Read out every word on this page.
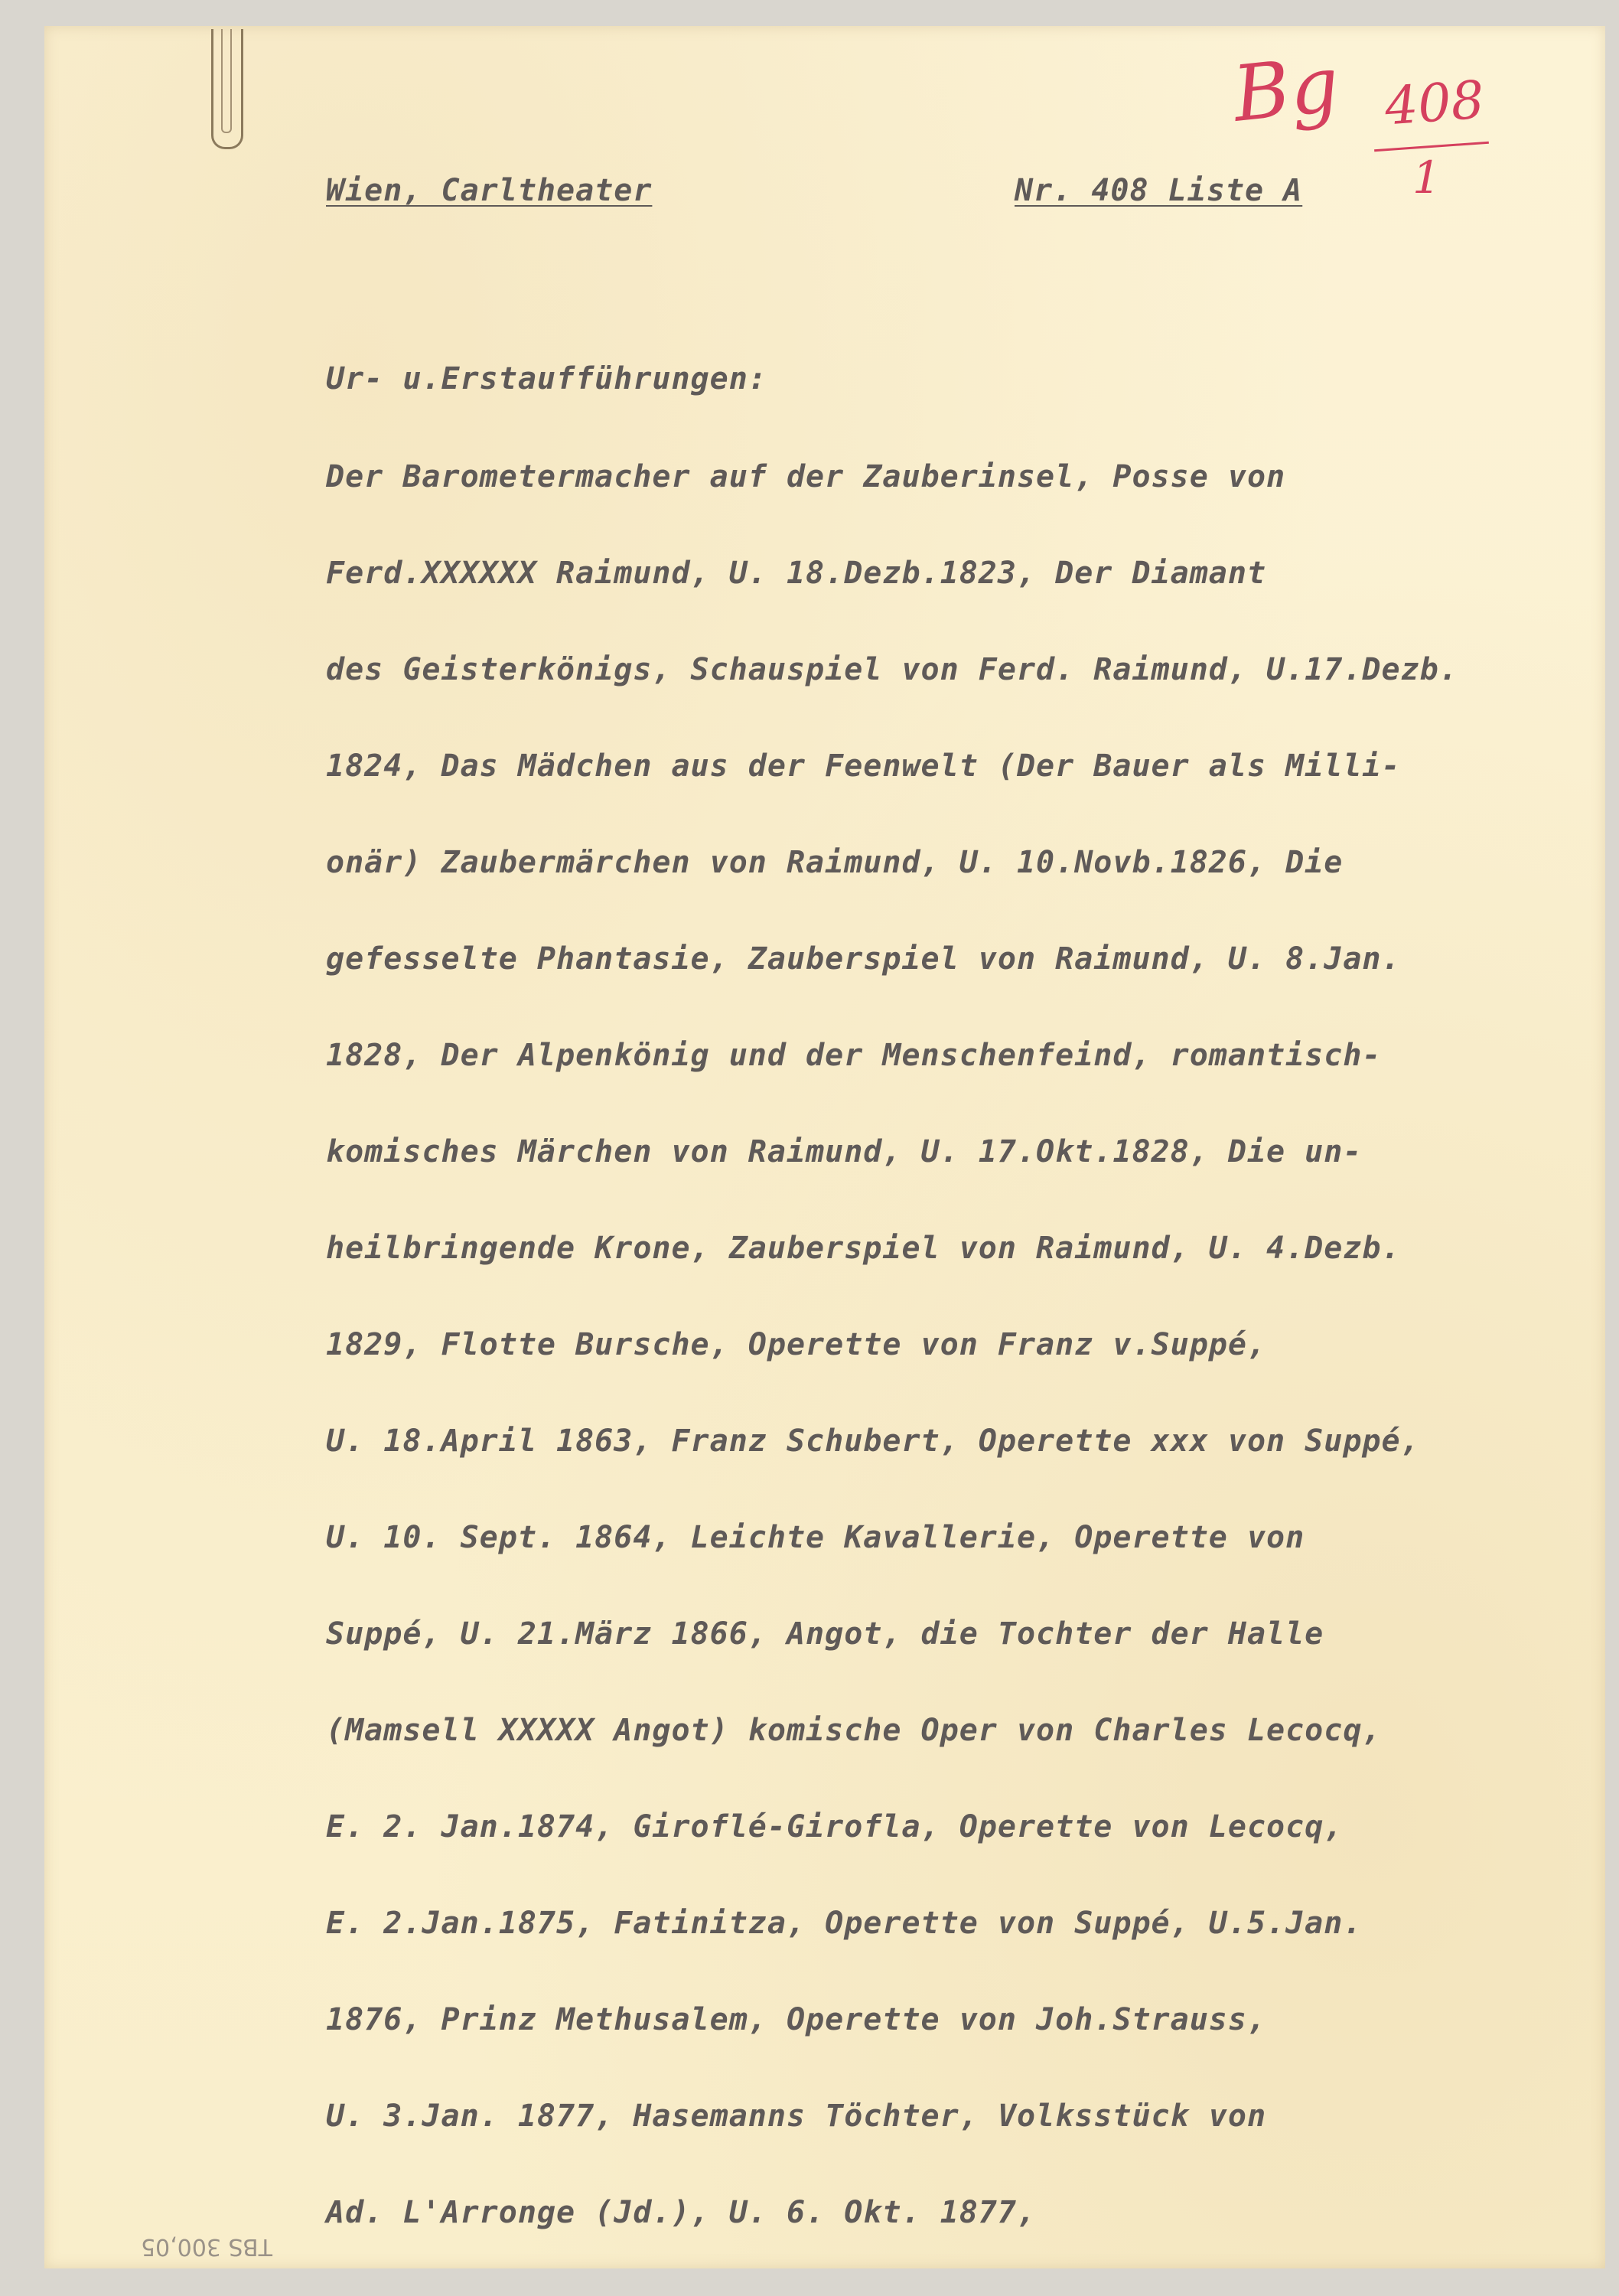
Bg 408
1
Wien, Carltheater	Nr. 408 Liste A
Ur- u.Erstaufführungen:
Der Barometermacher auf der Zauberinsel, Posse von
Ferd.XXXXXX Raimund, U. 18.Dezb.1823, Der Diamant
des Geisterkönigs, Schauspiel von Ferd. Raimund, U.17.Dezb.
1824, Das Mädchen aus der Feenwelt (Der Bauer als Milli-
onär) Zaubermärchen von Raimund, U. 10.Novb.1826, Die
gefesselte Phantasie, Zauberspiel von Raimund, U. 8.Jan.
1828, Der Alpenkönig und der Menschenfeind, romantisch-
komisches Märchen von Raimund, U. 17.Okt.1828, Die un-
heilbringende Krone, Zauberspiel von Raimund, U. 4.Dezb.
1829, Flotte Bursche, Operette von Franz v.Suppé,
U. 18.April 1863, Franz Schubert, Operette xxx von Suppé,
U. 10. Sept. 1864, Leichte Kavallerie, Operette von
Suppé, U. 21.März 1866, Angot, die Tochter der Halle
(Mamsell XXXXX Angot) komische Oper von Charles Lecocq,
E. 2. Jan.1874, Giroflé-Girofla, Operette von Lecocq,
E. 2.Jan.1875, Fatinitza, Operette von Suppé, U.5.Jan.
1876, Prinz Methusalem, Operette von Joh.Strauss,
U. 3.Jan. 1877, Hasemanns Töchter, Volksstück von
Ad. L'Arronge (Jd.), U. 6. Okt. 1877,
TBS 300,05
